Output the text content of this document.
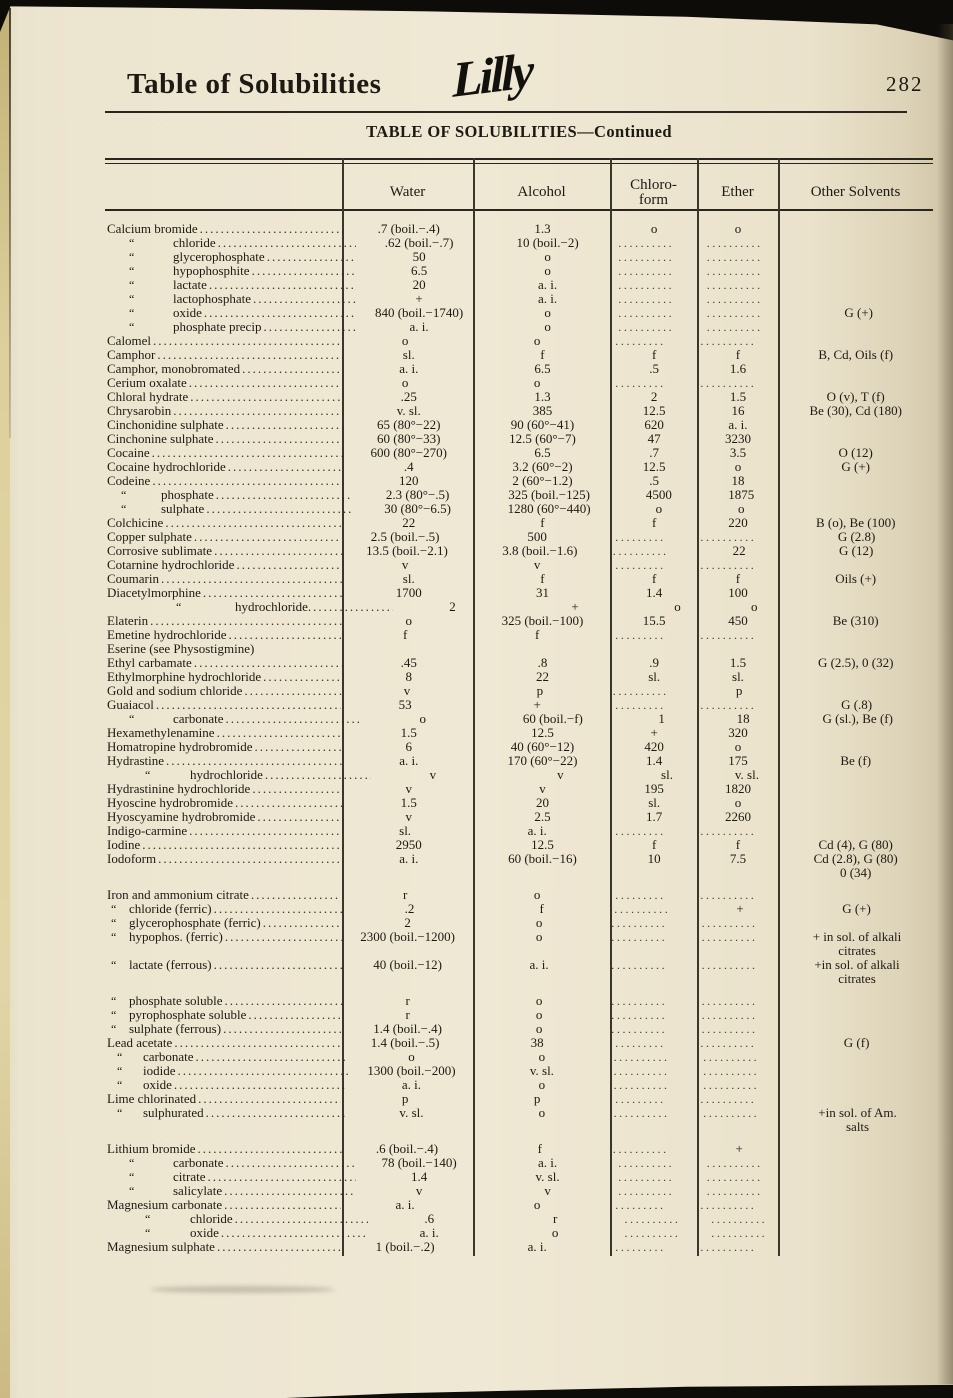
Table of Solubilities Lilly	282
TABLE OF SOLUBILITIES—Continued
Water	Alcohol	Chloro-
form	Ether	Other Solvents
Calcium bromide .....	.7 (boil.−.4)	1.3	o	o
“	chloride .....	.62 (boil.−.7)	10 (boil.−2)	..........	..........
“	glycerophosphate .....	50	o	..........	..........
“	hypophosphite .....	6.5	o	..........	..........
“	lactate .....	20	a. i.	..........	..........
“	lactophosphate .....	+	a. i.	..........	..........
“	oxide .....	840 (boil.−1740)	o	..........	..........	G (+)
“	phosphate precip .....	a. i.	o	..........	..........
Calomel .....	o	o	..........	..........
Camphor .....	sl.	f	f	f	B, Cd, Oils (f)
Camphor, monobromated .....	a. i.	6.5	.5	1.6
Cerium oxalate .....	o	o	..........	..........
Chloral hydrate .....	.25	1.3	2	1.5	O (v), T (f)
Chrysarobin .....	v. sl.	385	12.5	16	Be (30), Cd (180)
Cinchonidine sulphate .....	65 (80°−22)	90 (60°−41)	620	a. i.
Cinchonine sulphate .....	60 (80°−33)	12.5 (60°−7)	47	3230
Cocaine .....	600 (80°−270)	6.5	.7	3.5	O (12)
Cocaine hydrochloride .....	.4	3.2 (60°−2)	12.5	o	G (+)
Codeine .....	120	2 (60°−1.2)	.5	18
“	phosphate .....	2.3 (80°−.5)	325 (boil.−125)	4500	1875
“	sulphate .....	30 (80°−6.5)	1280 (60°−440)	o	o
Colchicine .....	22	f	f	220	B (o), Be (100)
Copper sulphate .....	2.5 (boil.−.5)	500	..........	..........	G (2.8)
Corrosive sublimate .....	13.5 (boil.−2.1)	3.8 (boil.−1.6)	..........	22	G (12)
Cotarnine hydrochloride .....	v	v	..........	..........
Coumarin .....	sl.	f	f	f	Oils (+)
Diacetylmorphine .....	1700	31	1.4	100
“	hydrochloride. .....	2	+	o	o
Elaterin .....	o	325 (boil.−100)	15.5	450	Be (310)
Emetine hydrochloride .....	f	f	..........	..........
Eserine (see Physostigmine)
Ethyl carbamate .....	.45	.8	.9	1.5	G (2.5), 0 (32)
Ethylmorphine hydrochloride .....	8	22	sl.	sl.
Gold and sodium chloride .....	v	p	..........	p
Guaiacol .....	53	+	..........	..........	G (.8)
“	carbonate .....	o	60 (boil.−f)	1	18	G (sl.), Be (f)
Hexamethylenamine .....	1.5	12.5	+	320
Homatropine hydrobromide .....	6	40 (60°−12)	420	o
Hydrastine .....	a. i.	170 (60°−22)	1.4	175	Be (f)
“	hydrochloride .....	v	v	sl.	v. sl.
Hydrastinine hydrochloride .....	v	v	195	1820
Hyoscine hydrobromide .....	1.5	20	sl.	o
Hyoscyamine hydrobromide .....	v	2.5	1.7	2260
Indigo-carmine .....	sl.	a. i.	..........	..........
Iodine .....	2950	12.5	f	f	Cd (4), G (80)
Iodoform .....	a. i.	60 (boil.−16)	10	7.5	Cd (2.8), G (80)
0 (34)
Iron and ammonium citrate .....	r	o	..........	..........
“ chloride (ferric) .....	.2	f	..........	+	G (+)
“ glycerophosphate (ferric) .....	2	o	..........	..........
“ hypophos. (ferric) .....	2300 (boil.−1200)	o	..........	..........	+ in sol. of alkali
citrates
“ lactate (ferrous) .....	40 (boil.−12)	a. i.	..........	..........	+in sol. of alkali
citrates
“ phosphate soluble .....	r	o	..........	..........
“ pyrophosphate soluble .....	r	o	..........	..........
“ sulphate (ferrous) .....	1.4 (boil.−.4)	o	..........	..........
Lead acetate .....	1.4 (boil.−.5)	38	..........	..........	G (f)
“	carbonate .....	o	o	..........	..........
“	iodide .....	1300 (boil.−200)	v. sl.	..........	..........
“	oxide .....	a. i.	o	..........	..........
Lime chlorinated .....	p	p	..........	..........
“	sulphurated .....	v. sl.	o	..........	..........	+in sol. of Am.
salts
Lithium bromide .....	.6 (boil.−.4)	f	..........	+
“	carbonate .....	78 (boil.−140)	a. i.	..........	..........
“	citrate .....	1.4	v. sl.	..........	..........
“	salicylate .....	v	v	..........	..........
Magnesium carbonate .....	a. i.	o	..........	..........
“	chloride .....	.6	r	..........	..........
“	oxide .....	a. i.	o	..........	..........
Magnesium sulphate .....	1 (boil.−.2)	a. i.	..........	..........
